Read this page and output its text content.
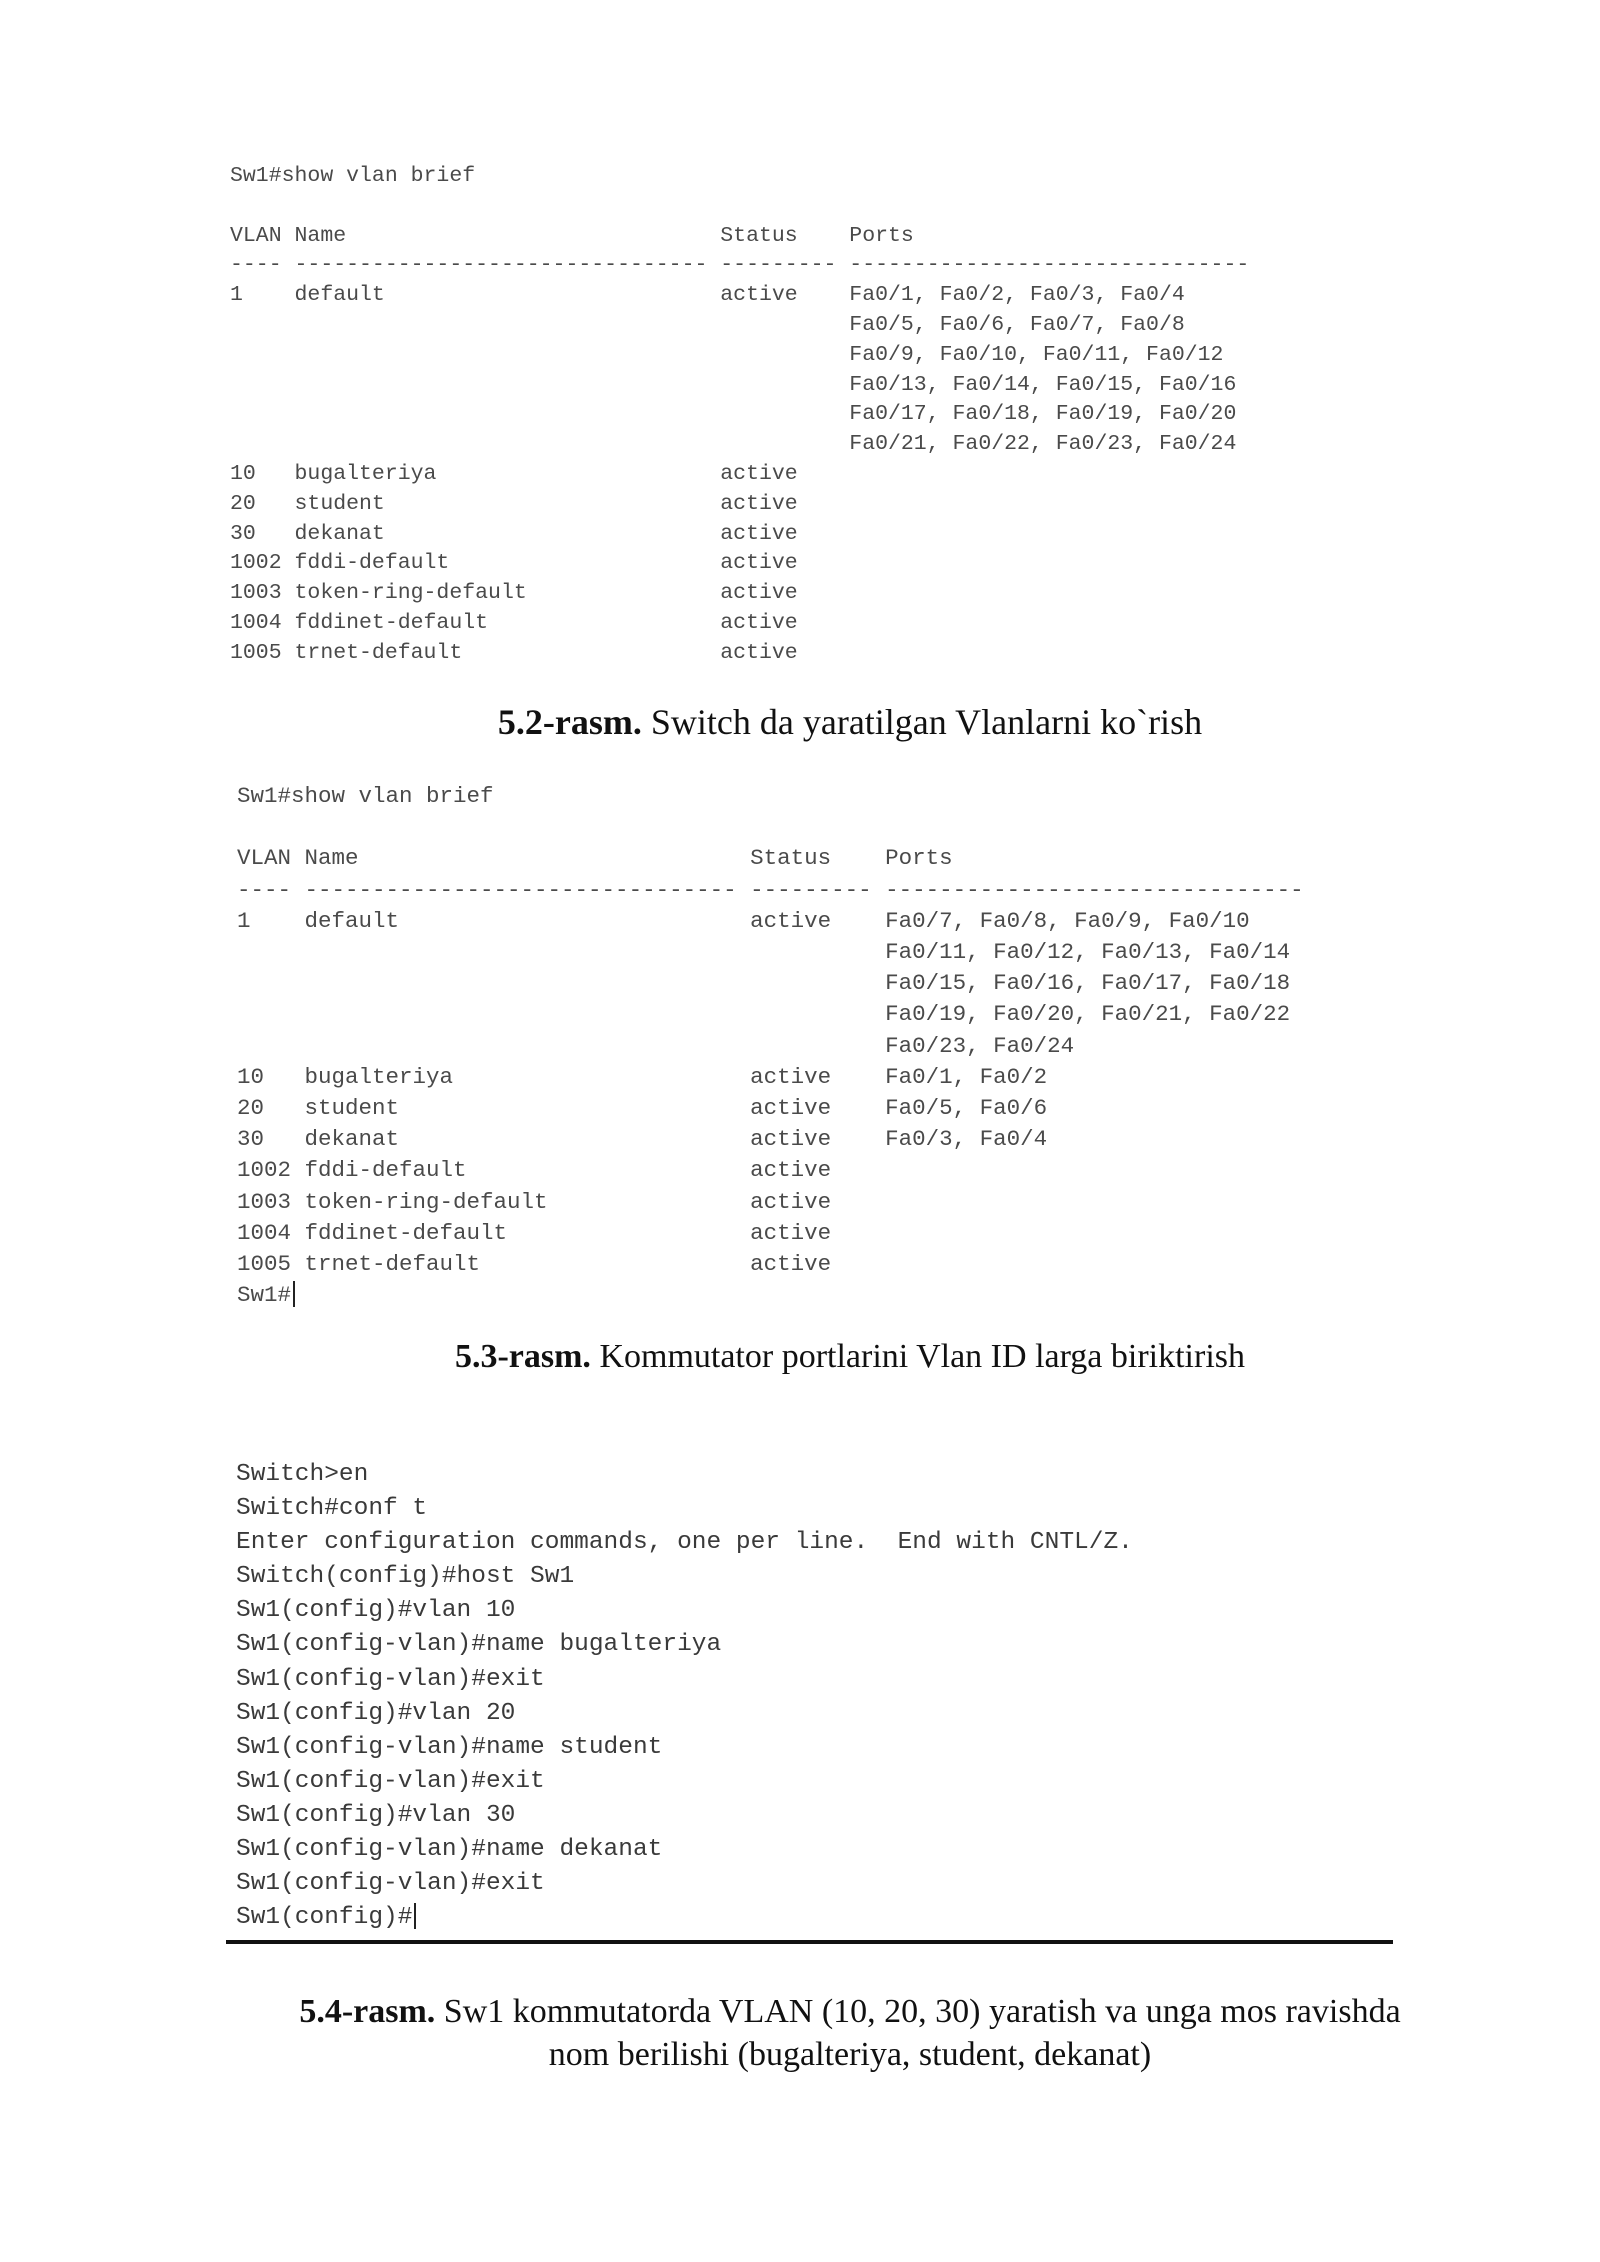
Sw1#show vlan brief

VLAN Name                             Status    Ports
---- -------------------------------- --------- -------------------------------
1    default                          active    Fa0/1, Fa0/2, Fa0/3, Fa0/4
Fa0/5, Fa0/6, Fa0/7, Fa0/8
Fa0/9, Fa0/10, Fa0/11, Fa0/12
Fa0/13, Fa0/14, Fa0/15, Fa0/16
Fa0/17, Fa0/18, Fa0/19, Fa0/20
Fa0/21, Fa0/22, Fa0/23, Fa0/24
10   bugalteriya                      active
20   student                          active
30   dekanat                          active
1002 fddi-default                     active
1003 token-ring-default               active
1004 fddinet-default                  active
1005 trnet-default                    active

5.2-rasm. Switch da yaratilgan Vlanlarni ko`rish

Sw1#show vlan brief

VLAN Name                             Status    Ports
---- -------------------------------- --------- -------------------------------
1    default                          active    Fa0/7, Fa0/8, Fa0/9, Fa0/10
Fa0/11, Fa0/12, Fa0/13, Fa0/14
Fa0/15, Fa0/16, Fa0/17, Fa0/18
Fa0/19, Fa0/20, Fa0/21, Fa0/22
Fa0/23, Fa0/24
10   bugalteriya                      active    Fa0/1, Fa0/2
20   student                          active    Fa0/5, Fa0/6
30   dekanat                          active    Fa0/3, Fa0/4
1002 fddi-default                     active
1003 token-ring-default               active
1004 fddinet-default                  active
1005 trnet-default                    active
Sw1#

5.3-rasm. Kommutator portlarini Vlan ID larga biriktirish

Switch>en
Switch#conf t
Enter configuration commands, one per line.  End with CNTL/Z.
Switch(config)#host Sw1
Sw1(config)#vlan 10
Sw1(config-vlan)#name bugalteriya
Sw1(config-vlan)#exit
Sw1(config)#vlan 20
Sw1(config-vlan)#name student
Sw1(config-vlan)#exit
Sw1(config)#vlan 30
Sw1(config-vlan)#name dekanat
Sw1(config-vlan)#exit
Sw1(config)#

5.4-rasm. Sw1 kommutatorda VLAN (10, 20, 30) yaratish va unga mos ravishda
nom berilishi (bugalteriya, student, dekanat)
